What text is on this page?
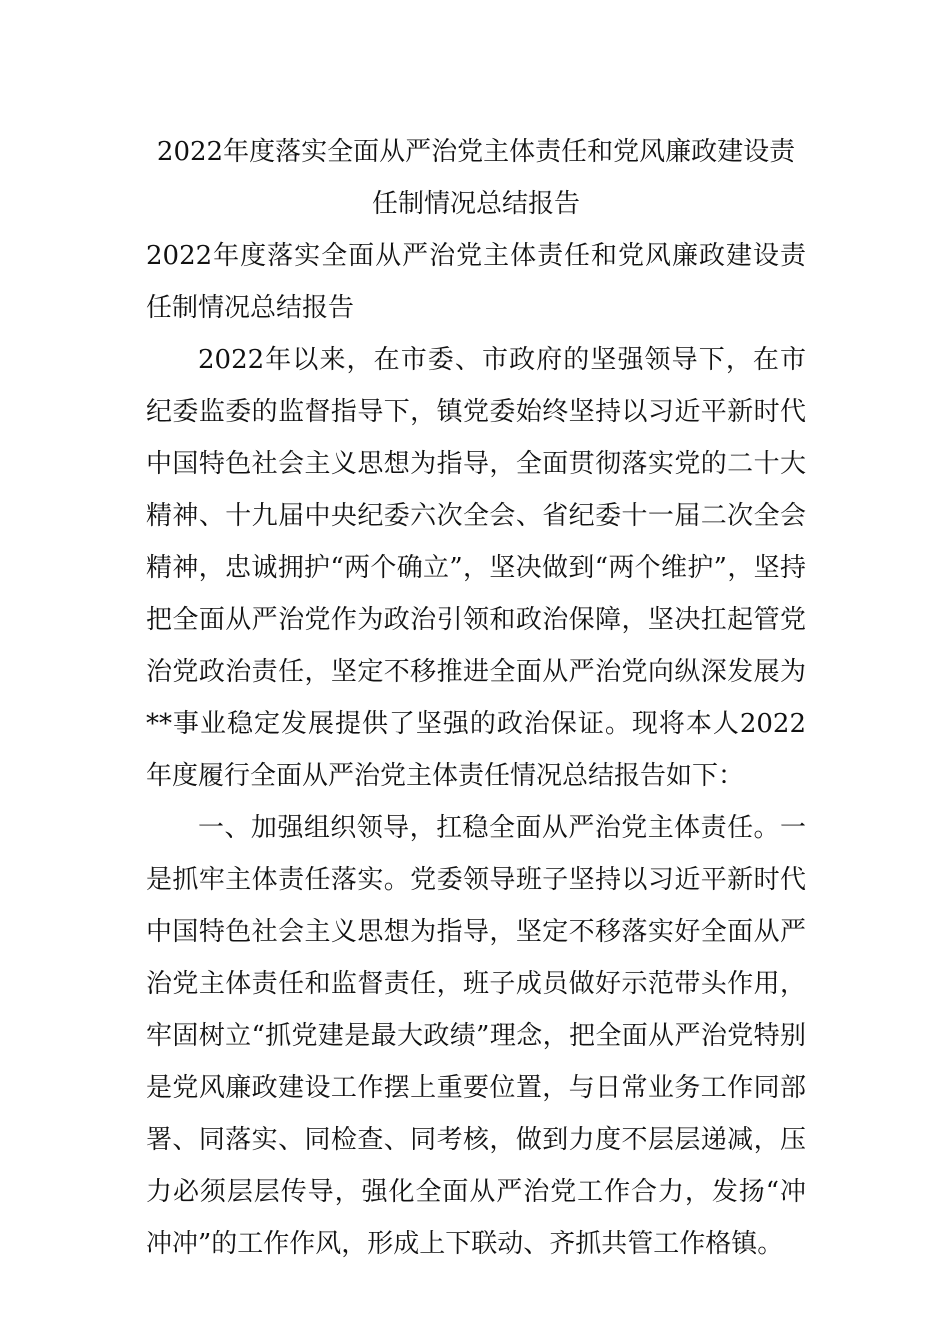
2022年度落实全面从严治党主体责任和党风廉政建设责任制情况总结报告

2022年度落实全面从严治党主体责任和党风廉政建设责任制情况总结报告

2022年以来，在市委、市政府的坚强领导下，在市纪委监委的监督指导下，镇党委始终坚持以习近平新时代中国特色社会主义思想为指导，全面贯彻落实党的二十大精神、十九届中央纪委六次全会、省纪委十一届二次全会精神，忠诚拥护“两个确立”，坚决做到“两个维护”，坚持把全面从严治党作为政治引领和政治保障，坚决扛起管党治党政治责任，坚定不移推进全面从严治党向纵深发展为**事业稳定发展提供了坚强的政治保证。现将本人2022年度履行全面从严治党主体责任情况总结报告如下：

一、加强组织领导，扛稳全面从严治党主体责任。一是抓牢主体责任落实。党委领导班子坚持以习近平新时代中国特色社会主义思想为指导，坚定不移落实好全面从严治党主体责任和监督责任，班子成员做好示范带头作用，牢固树立“抓党建是最大政绩”理念，把全面从严治党特别是党风廉政建设工作摆上重要位置，与日常业务工作同部署、同落实、同检查、同考核，做到力度不层层递减，压力必须层层传导，强化全面从严治党工作合力，发扬“冲冲冲”的工作作风，形成上下联动、齐抓共管工作格镇。
